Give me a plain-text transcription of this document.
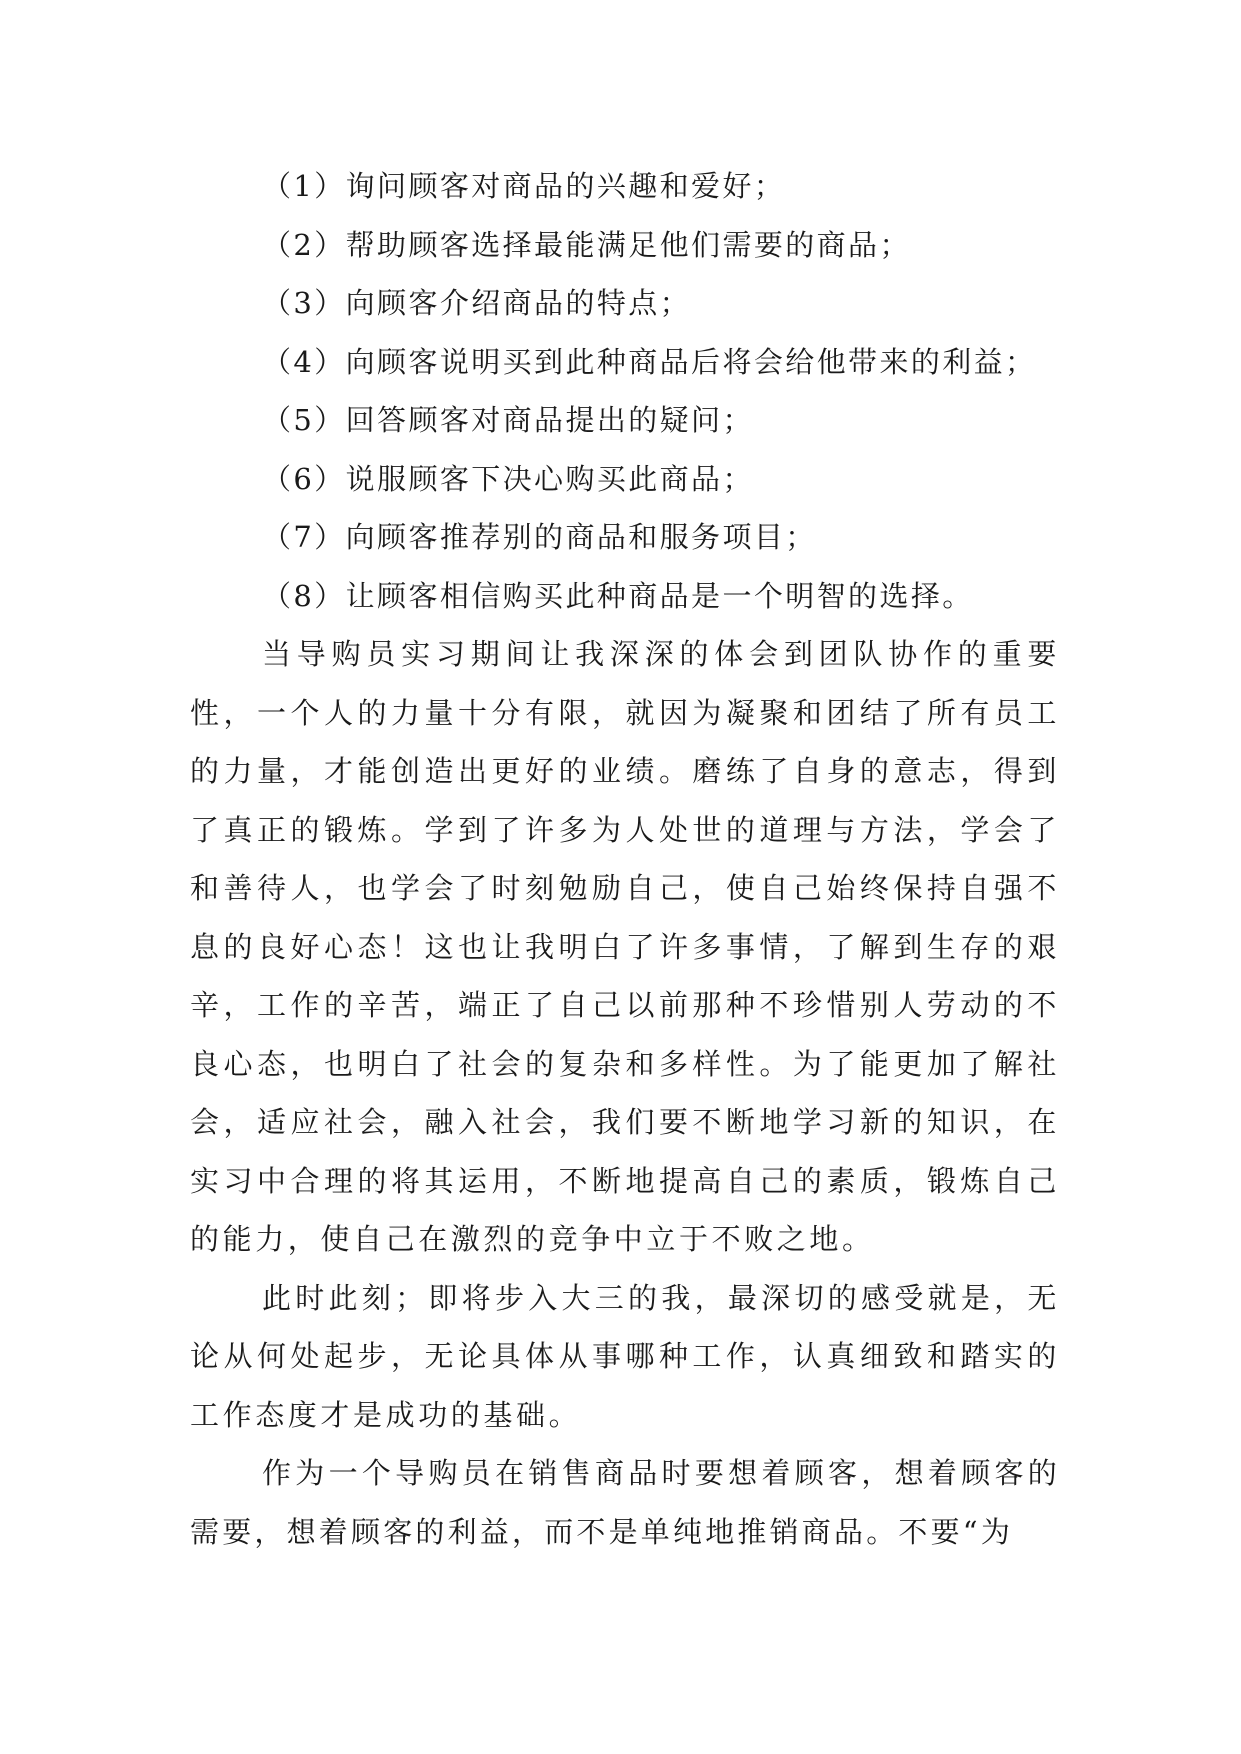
（1）询问顾客对商品的兴趣和爱好；

（2）帮助顾客选择最能满足他们需要的商品；

（3）向顾客介绍商品的特点；

（4）向顾客说明买到此种商品后将会给他带来的利益；

（5）回答顾客对商品提出的疑问；

（6）说服顾客下决心购买此商品；

（7）向顾客推荐别的商品和服务项目；

（8）让顾客相信购买此种商品是一个明智的选择。

当导购员实习期间让我深深的体会到团队协作的重要性，一个人的力量十分有限，就因为凝聚和团结了所有员工的力量，才能创造出更好的业绩。磨练了自身的意志，得到了真正的锻炼。学到了许多为人处世的道理与方法，学会了和善待人，也学会了时刻勉励自己，使自己始终保持自强不息的良好心态！这也让我明白了许多事情，了解到生存的艰辛，工作的辛苦，端正了自己以前那种不珍惜别人劳动的不良心态，也明白了社会的复杂和多样性。为了能更加了解社会，适应社会，融入社会，我们要不断地学习新的知识，在实习中合理的将其运用，不断地提高自己的素质，锻炼自己的能力，使自己在激烈的竞争中立于不败之地。

此时此刻；即将步入大三的我，最深切的感受就是，无论从何处起步，无论具体从事哪种工作，认真细致和踏实的工作态度才是成功的基础。

作为一个导购员在销售商品时要想着顾客，想着顾客的需要，想着顾客的利益，而不是单纯地推销商品。不要“为
